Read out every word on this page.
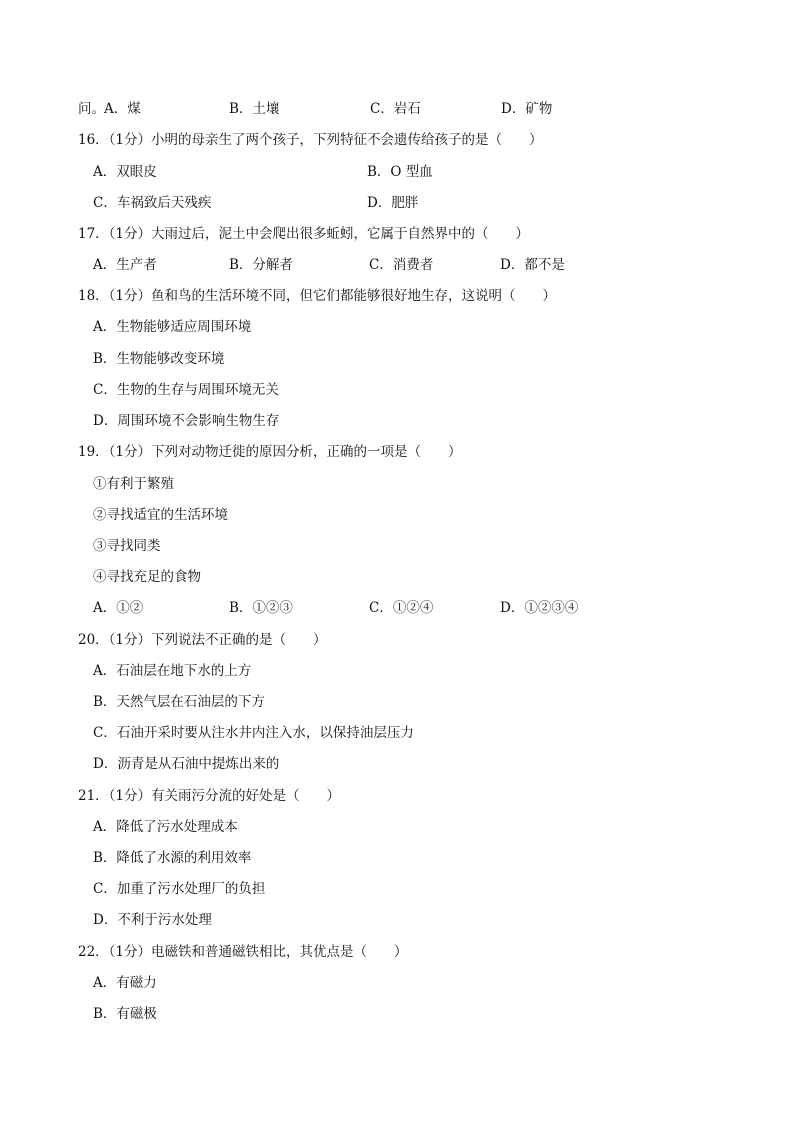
问。 A．煤	B．土壤	C．岩石	D．矿物
16．（1分）小明的母亲生了两个孩子，下列特征不会遗传给孩子的是（　　）
A．双眼皮	B．O 型血
C．车祸致后天残疾	D．肥胖
17．（1分）大雨过后，泥土中会爬出很多蚯蚓，它属于自然界中的（　　）
A．生产者	B．分解者	C．消费者	D．都不是
18．（1分）鱼和鸟的生活环境不同，但它们都能够很好地生存，这说明（　　）
A．生物能够适应周围环境
B．生物能够改变环境
C．生物的生存与周围环境无关
D．周围环境不会影响生物生存
19．（1分）下列对动物迁徙的原因分析，正确的一项是（　　）
①有利于繁殖
②寻找适宜的生活环境
③寻找同类
④寻找充足的食物
A．①②	B．①②③	C．①②④	D．①②③④
20．（1分）下列说法不正确的是（　　）
A．石油层在地下水的上方
B．天然气层在石油层的下方
C．石油开采时要从注水井内注入水，以保持油层压力
D．沥青是从石油中提炼出来的
21．（1分）有关雨污分流的好处是（　　）
A．降低了污水处理成本
B．降低了水源的利用效率
C．加重了污水处理厂的负担
D．不利于污水处理
22．（1分）电磁铁和普通磁铁相比，其优点是（　　）
A．有磁力
B．有磁极
